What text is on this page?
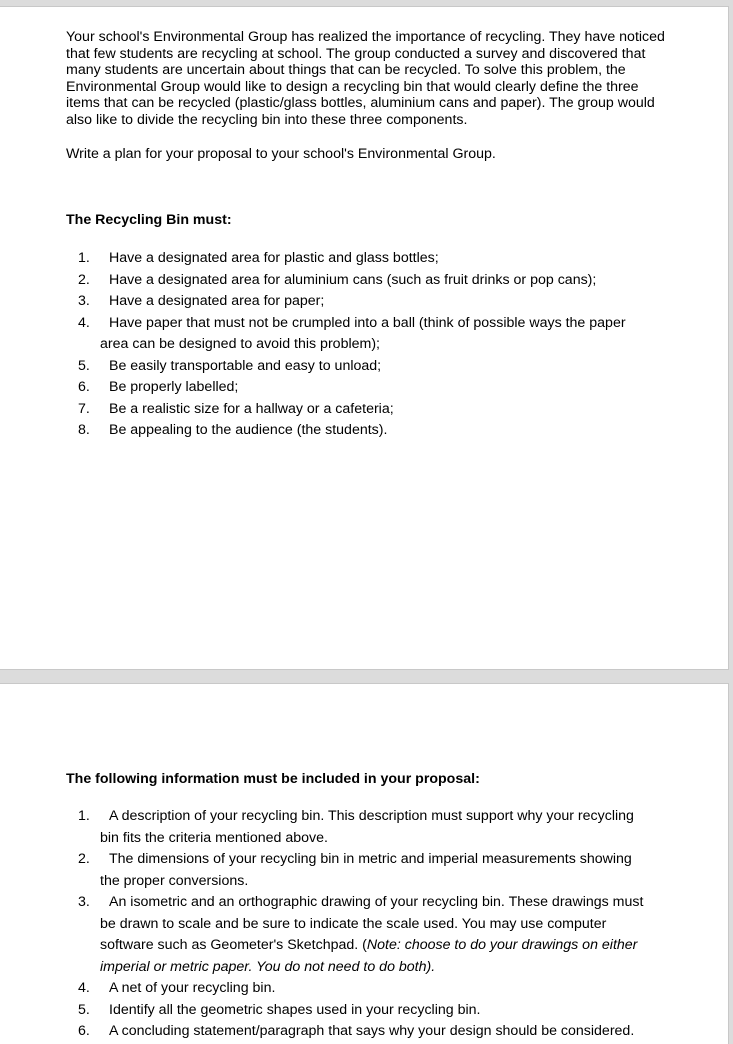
Your school's Environmental Group has realized the importance of recycling. They have noticed that few students are recycling at school. The group conducted a survey and discovered that many students are uncertain about things that can be recycled. To solve this problem, the Environmental Group would like to design a recycling bin that would clearly define the three items that can be recycled (plastic/glass bottles, aluminium cans and paper). The group would also like to divide the recycling bin into these three components.

Write a plan for your proposal to your school's Environmental Group.

The Recycling Bin must:

1. Have a designated area for plastic and glass bottles;
2. Have a designated area for aluminium cans (such as fruit drinks or pop cans);
3. Have a designated area for paper;
4. Have paper that must not be crumpled into a ball (think of possible ways the paper
area can be designed to avoid this problem);
5. Be easily transportable and easy to unload;
6. Be properly labelled;
7. Be a realistic size for a hallway or a cafeteria;
8. Be appealing to the audience (the students).

The following information must be included in your proposal:

1. A description of your recycling bin. This description must support why your recycling
bin fits the criteria mentioned above.
2. The dimensions of your recycling bin in metric and imperial measurements showing
the proper conversions.
3. An isometric and an orthographic drawing of your recycling bin. These drawings must
be drawn to scale and be sure to indicate the scale used. You may use computer
software such as Geometer's Sketchpad. (Note: choose to do your drawings on either
imperial or metric paper. You do not need to do both).
4. A net of your recycling bin.
5. Identify all the geometric shapes used in your recycling bin.
6. A concluding statement/paragraph that says why your design should be considered.
